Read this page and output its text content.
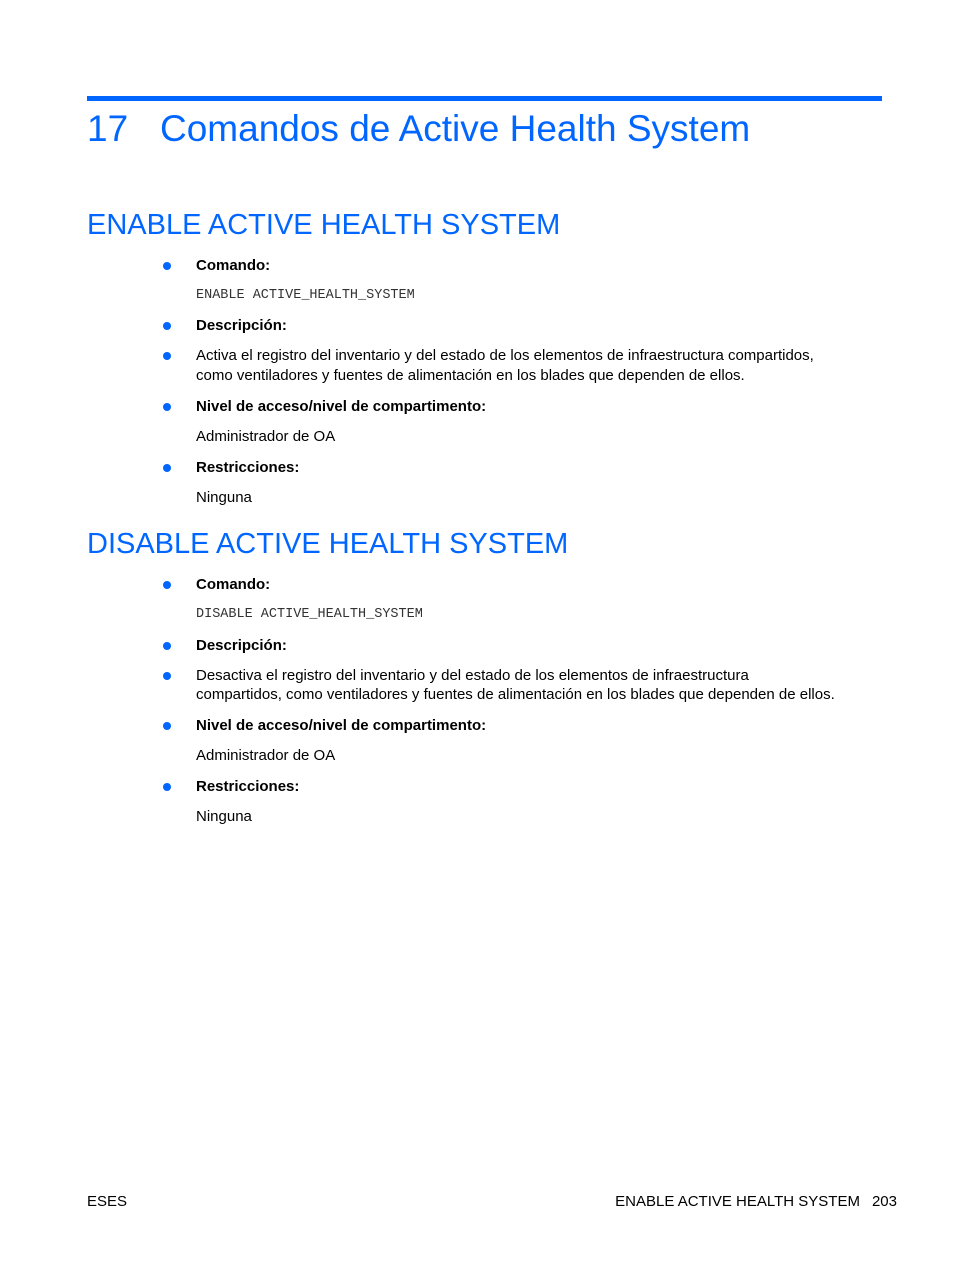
17 Comandos de Active Health System
ENABLE ACTIVE HEALTH SYSTEM
Comando:
ENABLE ACTIVE_HEALTH_SYSTEM
Descripción:
Activa el registro del inventario y del estado de los elementos de infraestructura compartidos,
como ventiladores y fuentes de alimentación en los blades que dependen de ellos.
Nivel de acceso/nivel de compartimento:
Administrador de OA
Restricciones:
Ninguna
DISABLE ACTIVE HEALTH SYSTEM
Comando:
DISABLE ACTIVE_HEALTH_SYSTEM
Descripción:
Desactiva el registro del inventario y del estado de los elementos de infraestructura
compartidos, como ventiladores y fuentes de alimentación en los blades que dependen de ellos.
Nivel de acceso/nivel de compartimento:
Administrador de OA
Restricciones:
Ninguna
ESES	ENABLE ACTIVE HEALTH SYSTEM 203
